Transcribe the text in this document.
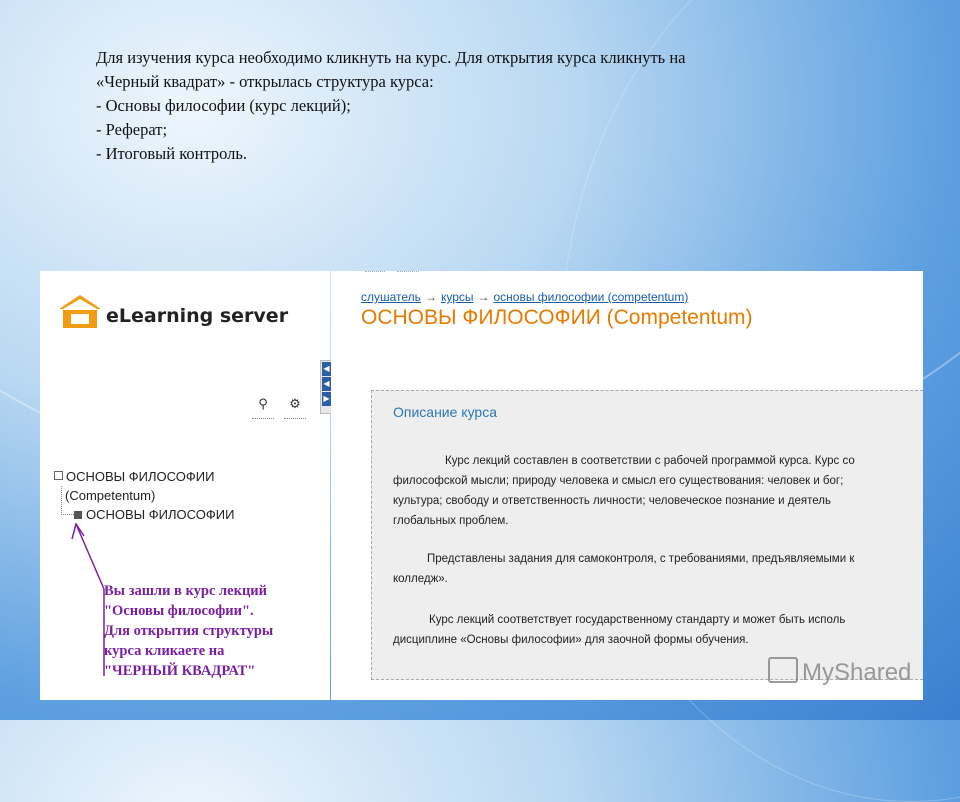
Для изучения курса необходимо кликнуть на курс. Для открытия курса кликнуть на
«Черный квадрат» - открылась структура курса:
- Основы философии (курс лекций);
- Реферат;
- Итоговый контроль.
eLearning server
⚲	⚙
ОСНОВЫ ФИЛОСОФИИ
(Competentum)
ОСНОВЫ ФИЛОСОФИИ
Вы зашли в курс лекций
"Основы философии".
Для открытия структуры
курса кликаете на
"ЧЕРНЫЙ КВАДРАТ"
◀
◀
▶
слушатель → курсы → основы философии (competentum)
ОСНОВЫ ФИЛОСОФИИ (Competentum)
Описание курса

Курс лекций составлен в соответствии с рабочей программой курса. Курс со
философской мысли; природу человека и смысл его существования: человек и бог;
культура; свободу и ответственность личности; человеческое познание и деятель
глобальных проблем.

Представлены задания для самоконтроля, с требованиями, предъявляемыми к
колледж».

Курс лекций соответствует государственному стандарту и может быть исполь
дисциплине «Основы философии» для заочной формы обучения.

MyShared
